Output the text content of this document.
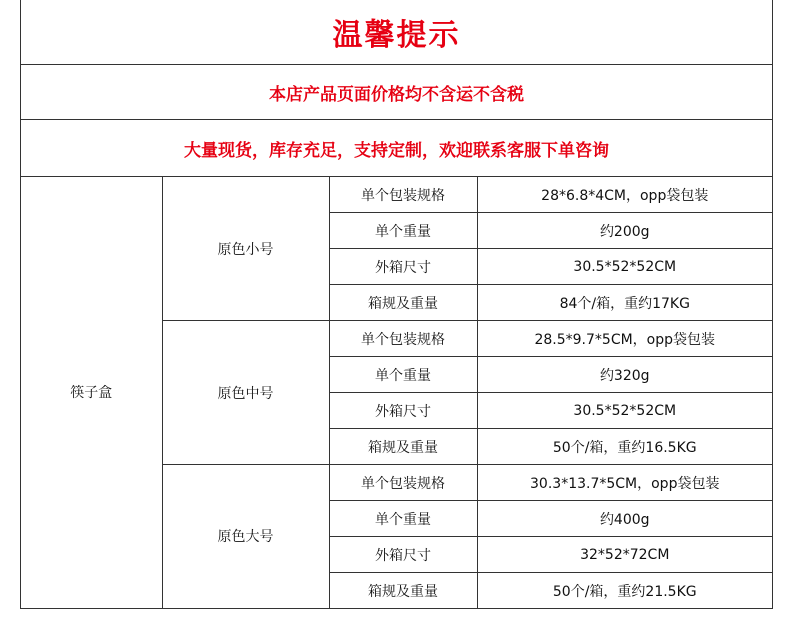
温馨提示
本店产品页面价格均不含运不含税
大量现货，库存充足，支持定制，欢迎联系客服下单咨询
筷子盒	原色小号	单个包装规格	28*6.8*4CM，opp袋包装
		单个重量	约200g
		外箱尺寸	30.5*52*52CM
		箱规及重量	84个/箱，重约17KG
	原色中号	单个包装规格	28.5*9.7*5CM，opp袋包装
		单个重量	约320g
		外箱尺寸	30.5*52*52CM
		箱规及重量	50个/箱，重约16.5KG
	原色大号	单个包装规格	30.3*13.7*5CM，opp袋包装
		单个重量	约400g
		外箱尺寸	32*52*72CM
		箱规及重量	50个/箱，重约21.5KG
